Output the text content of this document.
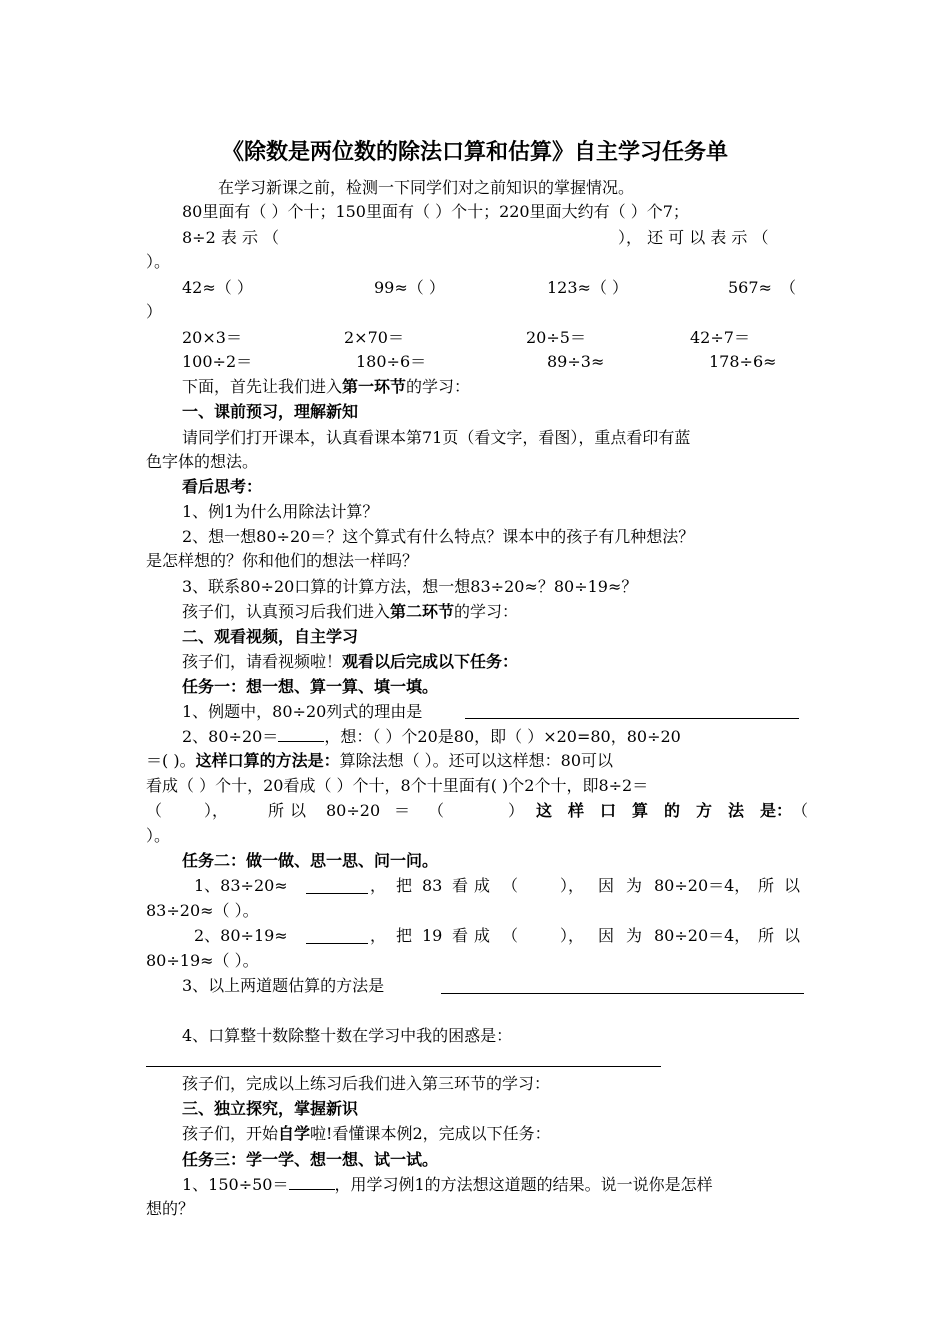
《除数是两位数的除法口算和估算》自主学习任务单
在学习新课之前，检测一下同学们对之前知识的掌握情况。
80里面有（ ）个十；150里面有（ ）个十；220里面大约有（ ）个7；
8÷2 表 示 （	）， 还 可 以 表 示 （
）。
42≈（ ）	99≈（ ）	123≈（ ）	567≈　（
）
20×3＝	2×70＝	20÷5＝	42÷7＝
100÷2＝	180÷6＝	89÷3≈	178÷6≈
下面，首先让我们进入第一环节的学习：
一、课前预习，理解新知
请同学们打开课本，认真看课本第71页（看文字，看图），重点看印有蓝
色字体的想法。
看后思考：
1、例1为什么用除法计算？
2、想一想80÷20＝？这个算式有什么特点？课本中的孩子有几种想法？
是怎样想的？你和他们的想法一样吗？
3、联系80÷20口算的计算方法，想一想83÷20≈？80÷19≈？
孩子们，认真预习后我们进入第二环节的学习：
二、观看视频，自主学习
孩子们，请看视频啦！观看以后完成以下任务：
任务一：想一想、算一算、填一填。
1、例题中，80÷20列式的理由是
2、80÷20＝	，想：（ ）个20是80，即（ ）×20=80，80÷20
＝( )。这样口算的方法是：算除法想（ ）。还可以这样想：80可以
看成（ ）个十，20看成（ ）个十，8个十里面有( )个2个十，即8÷2＝
（	）， 所 以 80÷20 ＝ （	） 这 样 口 算 的 方 法 是： （
）。
任务二：做一做、思一思、问一问。
1、83÷20≈	， 把 83 看 成 （	）， 因 为 80÷20＝4， 所 以
83÷20≈（ ）。
2、80÷19≈	， 把 19 看 成 （	）， 因 为 80÷20＝4， 所 以
80÷19≈（ ）。
3、以上两道题估算的方法是
4、口算整十数除整十数在学习中我的困惑是：
孩子们，完成以上练习后我们进入第三环节的学习：
三、独立探究，掌握新识
孩子们，开始自学啦!看懂课本例2，完成以下任务：
任务三：学一学、想一想、试一试。
1、150÷50＝	，用学习例1的方法想这道题的结果。说一说你是怎样
想的？
